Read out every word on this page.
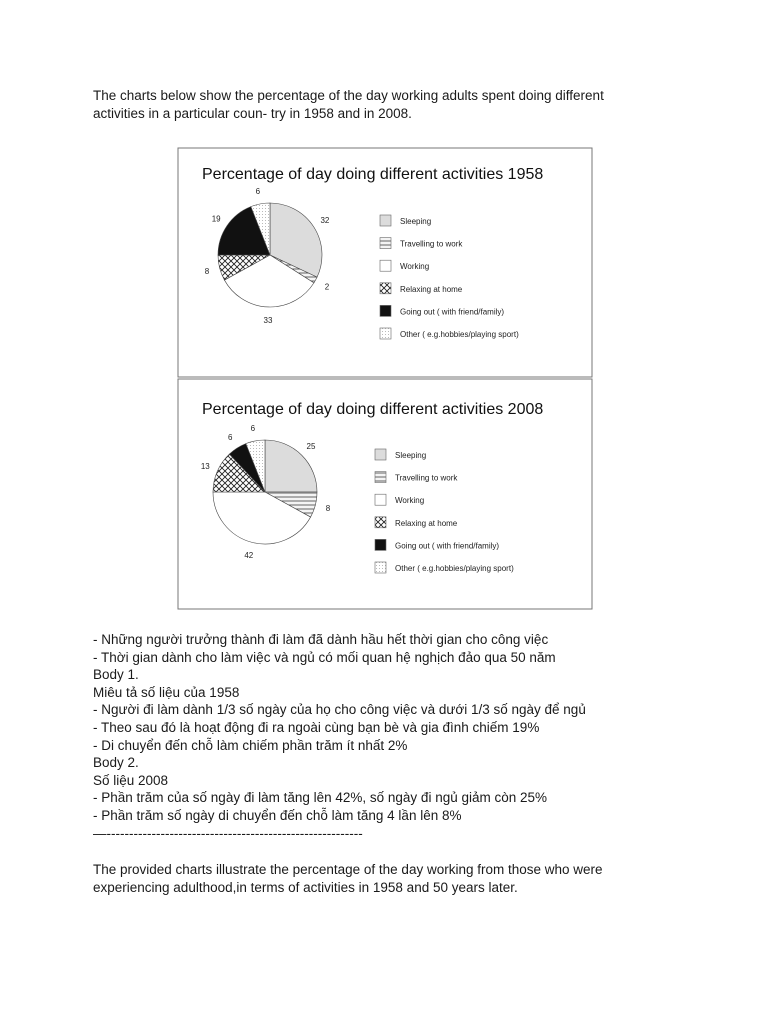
The charts below show the percentage of the day working adults spent doing different activities in a particular coun- try in 1958 and in 2008.
Percentage of day doing different activities 1958
32
2
33
8
19
6
Sleeping
Travelling to work
Working
Relaxing at home
Going out ( with friend/family)
Other ( e.g.hobbies/playing sport)
Percentage of day doing different activities 2008
25
8
42
13
6
6
Sleeping
Travelling to work
Working
Relaxing at home
Going out ( with friend/family)
Other ( e.g.hobbies/playing sport)
- Những người trưởng thành đi làm đã dành hầu hết thời gian cho công việc
- Thời gian dành cho làm việc và ngủ có mối quan hệ nghịch đảo qua 50 năm
Body 1.
Miêu tả số liệu của 1958
- Người đi làm dành 1/3 số ngày của họ cho công việc và dưới 1/3 số ngày để ngủ
- Theo sau đó là hoạt động đi ra ngoài cùng bạn bè và gia đình chiếm 19%
- Di chuyển đến chỗ làm chiếm phần trăm ít nhất 2%
Body 2.
Số liệu 2008
- Phần trăm của số ngày đi làm tăng lên 42%, số ngày đi ngủ giảm còn 25%
- Phần trăm số ngày di chuyển đến chỗ làm tăng 4 lần lên 8%
—---------------------------------------------------------
The provided charts illustrate the percentage of the day working from those who were experiencing adulthood,in terms of activities in 1958 and 50 years later.
